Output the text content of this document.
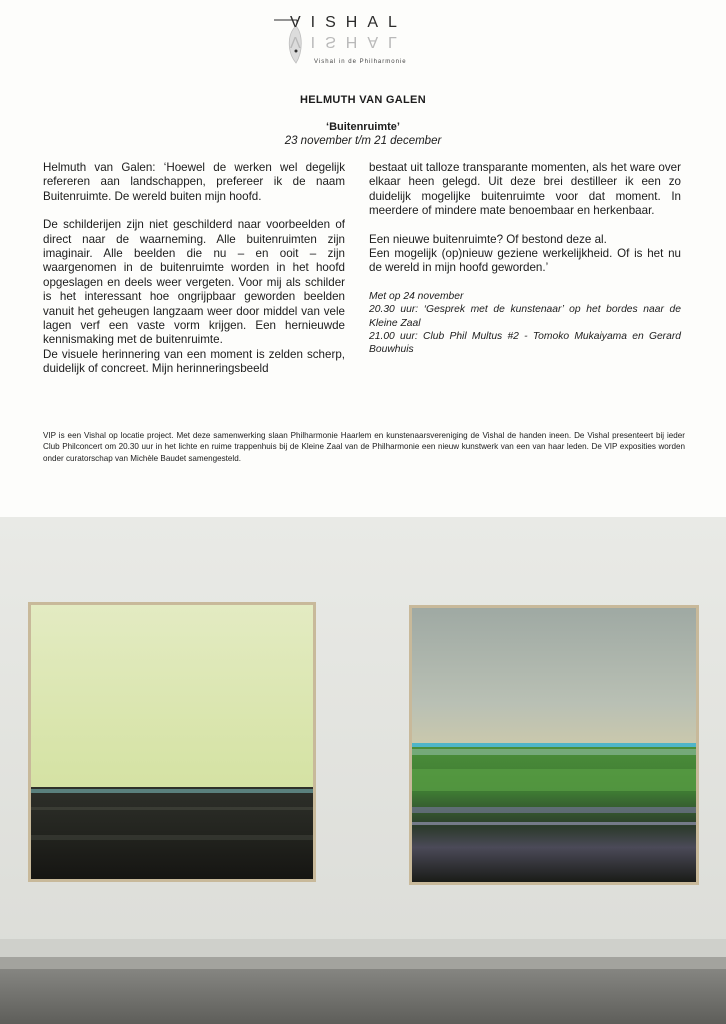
VISHAL
VISHAL
Vishal in de Philharmonie
HELMUTH VAN GALEN
‘Buitenruimte’
23 november t/m 21 december

Helmuth van Galen: ‘Hoewel de werken wel degelijk refereren aan landschappen, prefereer ik de naam Buitenruimte. De wereld buiten mijn hoofd.

De schilderijen zijn niet geschilderd naar voorbeelden of direct naar de waarneming. Alle buitenruimten zijn imaginair. Alle beelden die nu – en ooit – zijn waargenomen in de buitenruimte worden in het hoofd opgeslagen en deels weer vergeten. Voor mij als schilder is het interessant hoe ongrijpbaar geworden beelden vanuit het geheugen langzaam weer door middel van vele lagen verf een vaste vorm krijgen. Een hernieuwde kennismaking met de buitenruimte.

De visuele herinnering van een moment is zelden scherp, duidelijk of concreet. Mijn herinneringsbeeld

bestaat uit talloze transparante momenten, als het ware over elkaar heen gelegd. Uit deze brei destilleer ik een zo duidelijk mogelijke buitenruimte voor dat moment. In meerdere of mindere mate benoembaar en herkenbaar.

Een nieuwe buitenruimte? Of bestond deze al.

Een mogelijk (op)nieuw geziene werkelijkheid. Of is het nu de wereld in mijn hoofd geworden.’

Met op 24 november
20.30 uur: ‘Gesprek met de kunstenaar’ op het bordes naar de Kleine Zaal
21.00 uur: Club Phil Multus #2 - Tomoko Mukaiyama en Gerard Bouwhuis
VIP is een Vishal op locatie project. Met deze samenwerking slaan Philharmonie Haarlem en kunstenaarsvereniging de Vishal de handen ineen. De Vishal presenteert bij ieder Club Philconcert om 20.30 uur in het lichte en ruime trappenhuis bij de Kleine Zaal van de Philharmonie een nieuw kunstwerk van een van haar leden. De VIP exposities worden onder curatorschap van Michèle Baudet samengesteld.
